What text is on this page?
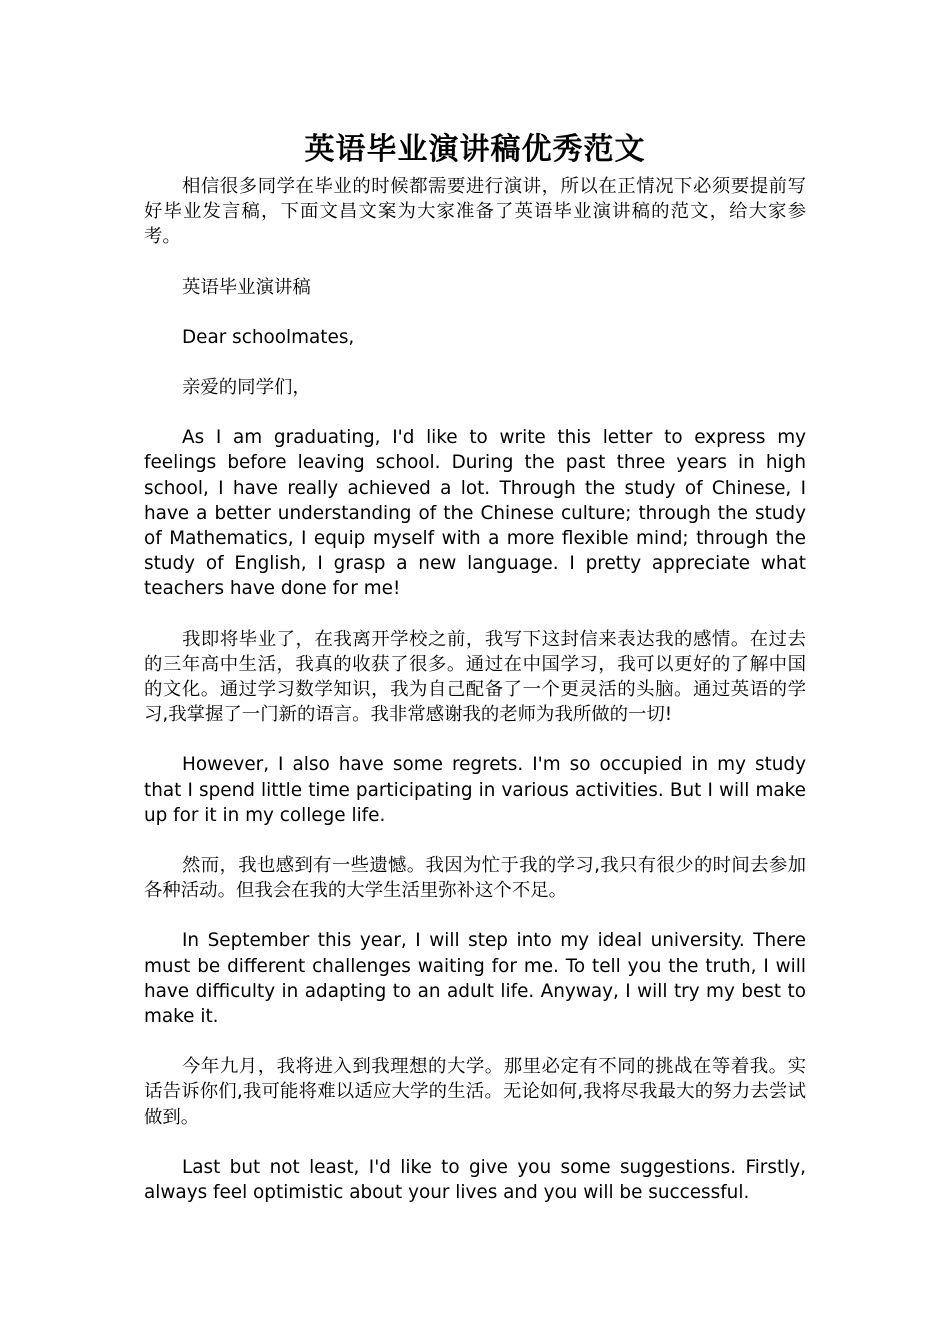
英语毕业演讲稿优秀范文

相信很多同学在毕业的时候都需要进行演讲，所以在正情况下必须要提前写好毕业发言稿，下面文昌文案为大家准备了英语毕业演讲稿的范文，给大家参考。

英语毕业演讲稿

Dear schoolmates,

亲爱的同学们，

As I am graduating, I'd like to write this letter to express my feelings before leaving school. During the past three years in high school, I have really achieved a lot. Through the study of Chinese, I have a better understanding of the Chinese culture; through the study of Mathematics, I equip myself with a more flexible mind; through the study of English, I grasp a new language. I pretty appreciate what teachers have done for me!

我即将毕业了，在我离开学校之前，我写下这封信来表达我的感情。在过去的三年高中生活，我真的收获了很多。通过在中国学习，我可以更好的了解中国的文化。通过学习数学知识，我为自己配备了一个更灵活的头脑。通过英语的学习,我掌握了一门新的语言。我非常感谢我的老师为我所做的一切!

However, I also have some regrets. I'm so occupied in my study that I spend little time participating in various activities. But I will make up for it in my college life.

然而，我也感到有一些遗憾。我因为忙于我的学习,我只有很少的时间去参加各种活动。但我会在我的大学生活里弥补这个不足。

In September this year, I will step into my ideal university. There must be different challenges waiting for me. To tell you the truth, I will have difficulty in adapting to an adult life. Anyway, I will try my best to make it.

今年九月，我将进入到我理想的大学。那里必定有不同的挑战在等着我。实话告诉你们,我可能将难以适应大学的生活。无论如何,我将尽我最大的努力去尝试做到。

Last but not least, I'd like to give you some suggestions. Firstly, always feel optimistic about your lives and you will be successful.
